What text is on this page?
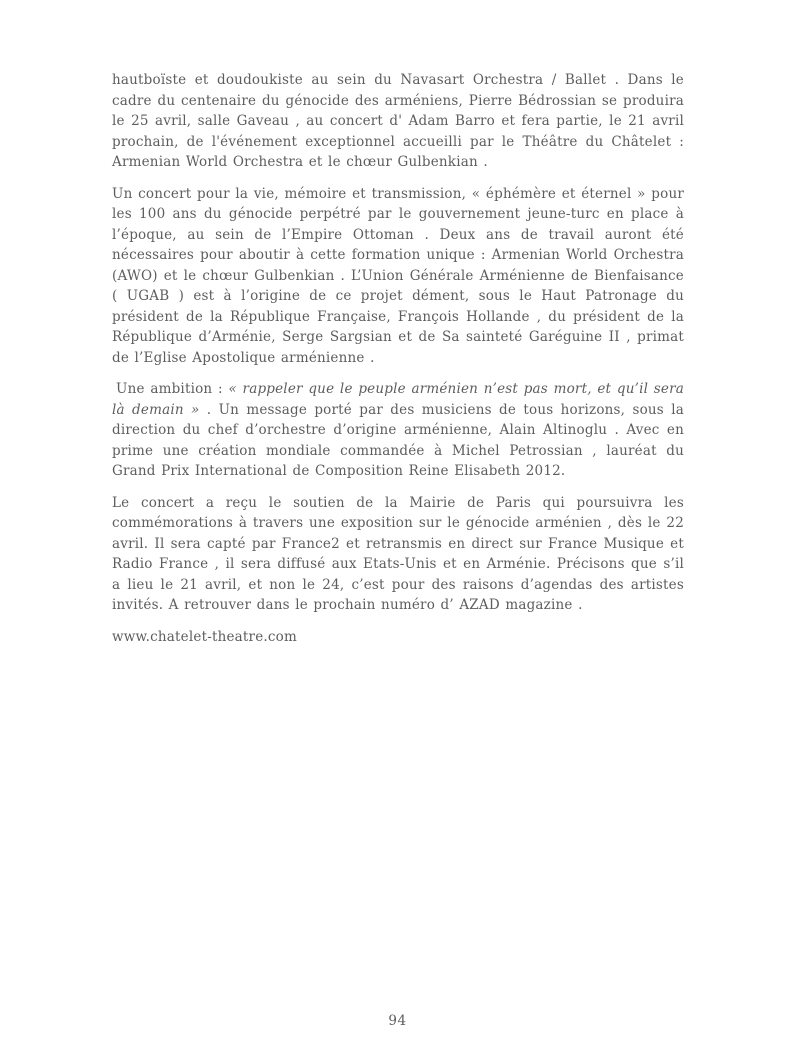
hautboïste et doudoukiste au sein du Navasart Orchestra / Ballet . Dans le cadre du centenaire du génocide des arméniens, Pierre Bédrossian se produira le 25 avril, salle Gaveau , au concert d' Adam Barro et fera partie, le 21 avril prochain, de l'événement exceptionnel accueilli par le Théâtre du Châtelet : Armenian World Orchestra et le chœur Gulbenkian .

Un concert pour la vie, mémoire et transmission, « éphémère et éternel » pour les 100 ans du génocide perpétré par le gouvernement jeune-turc en place à l’époque, au sein de l’Empire Ottoman . Deux ans de travail auront été nécessaires pour aboutir à cette formation unique : Armenian World Orchestra (AWO) et le chœur Gulbenkian . L’Union Générale Arménienne de Bienfaisance ( UGAB ) est à l’origine de ce projet dément, sous le Haut Patronage du président de la République Française, François Hollande , du président de la République d’Arménie, Serge Sargsian et de Sa sainteté Garéguine II , primat de l’Eglise Apostolique arménienne .

Une ambition : « rappeler que le peuple arménien n’est pas mort, et qu’il sera là demain » . Un message porté par des musiciens de tous horizons, sous la direction du chef d’orchestre d’origine arménienne, Alain Altinoglu . Avec en prime une création mondiale commandée à Michel Petrossian , lauréat du Grand Prix International de Composition Reine Elisabeth 2012.

Le concert a reçu le soutien de la Mairie de Paris qui poursuivra les commémorations à travers une exposition sur le génocide arménien , dès le 22 avril. Il sera capté par France2 et retransmis en direct sur France Musique et Radio France , il sera diffusé aux Etats-Unis et en Arménie. Précisons que s’il a lieu le 21 avril, et non le 24, c’est pour des raisons d’agendas des artistes invités. A retrouver dans le prochain numéro d’ AZAD magazine .

www.chatelet-theatre.com

94
